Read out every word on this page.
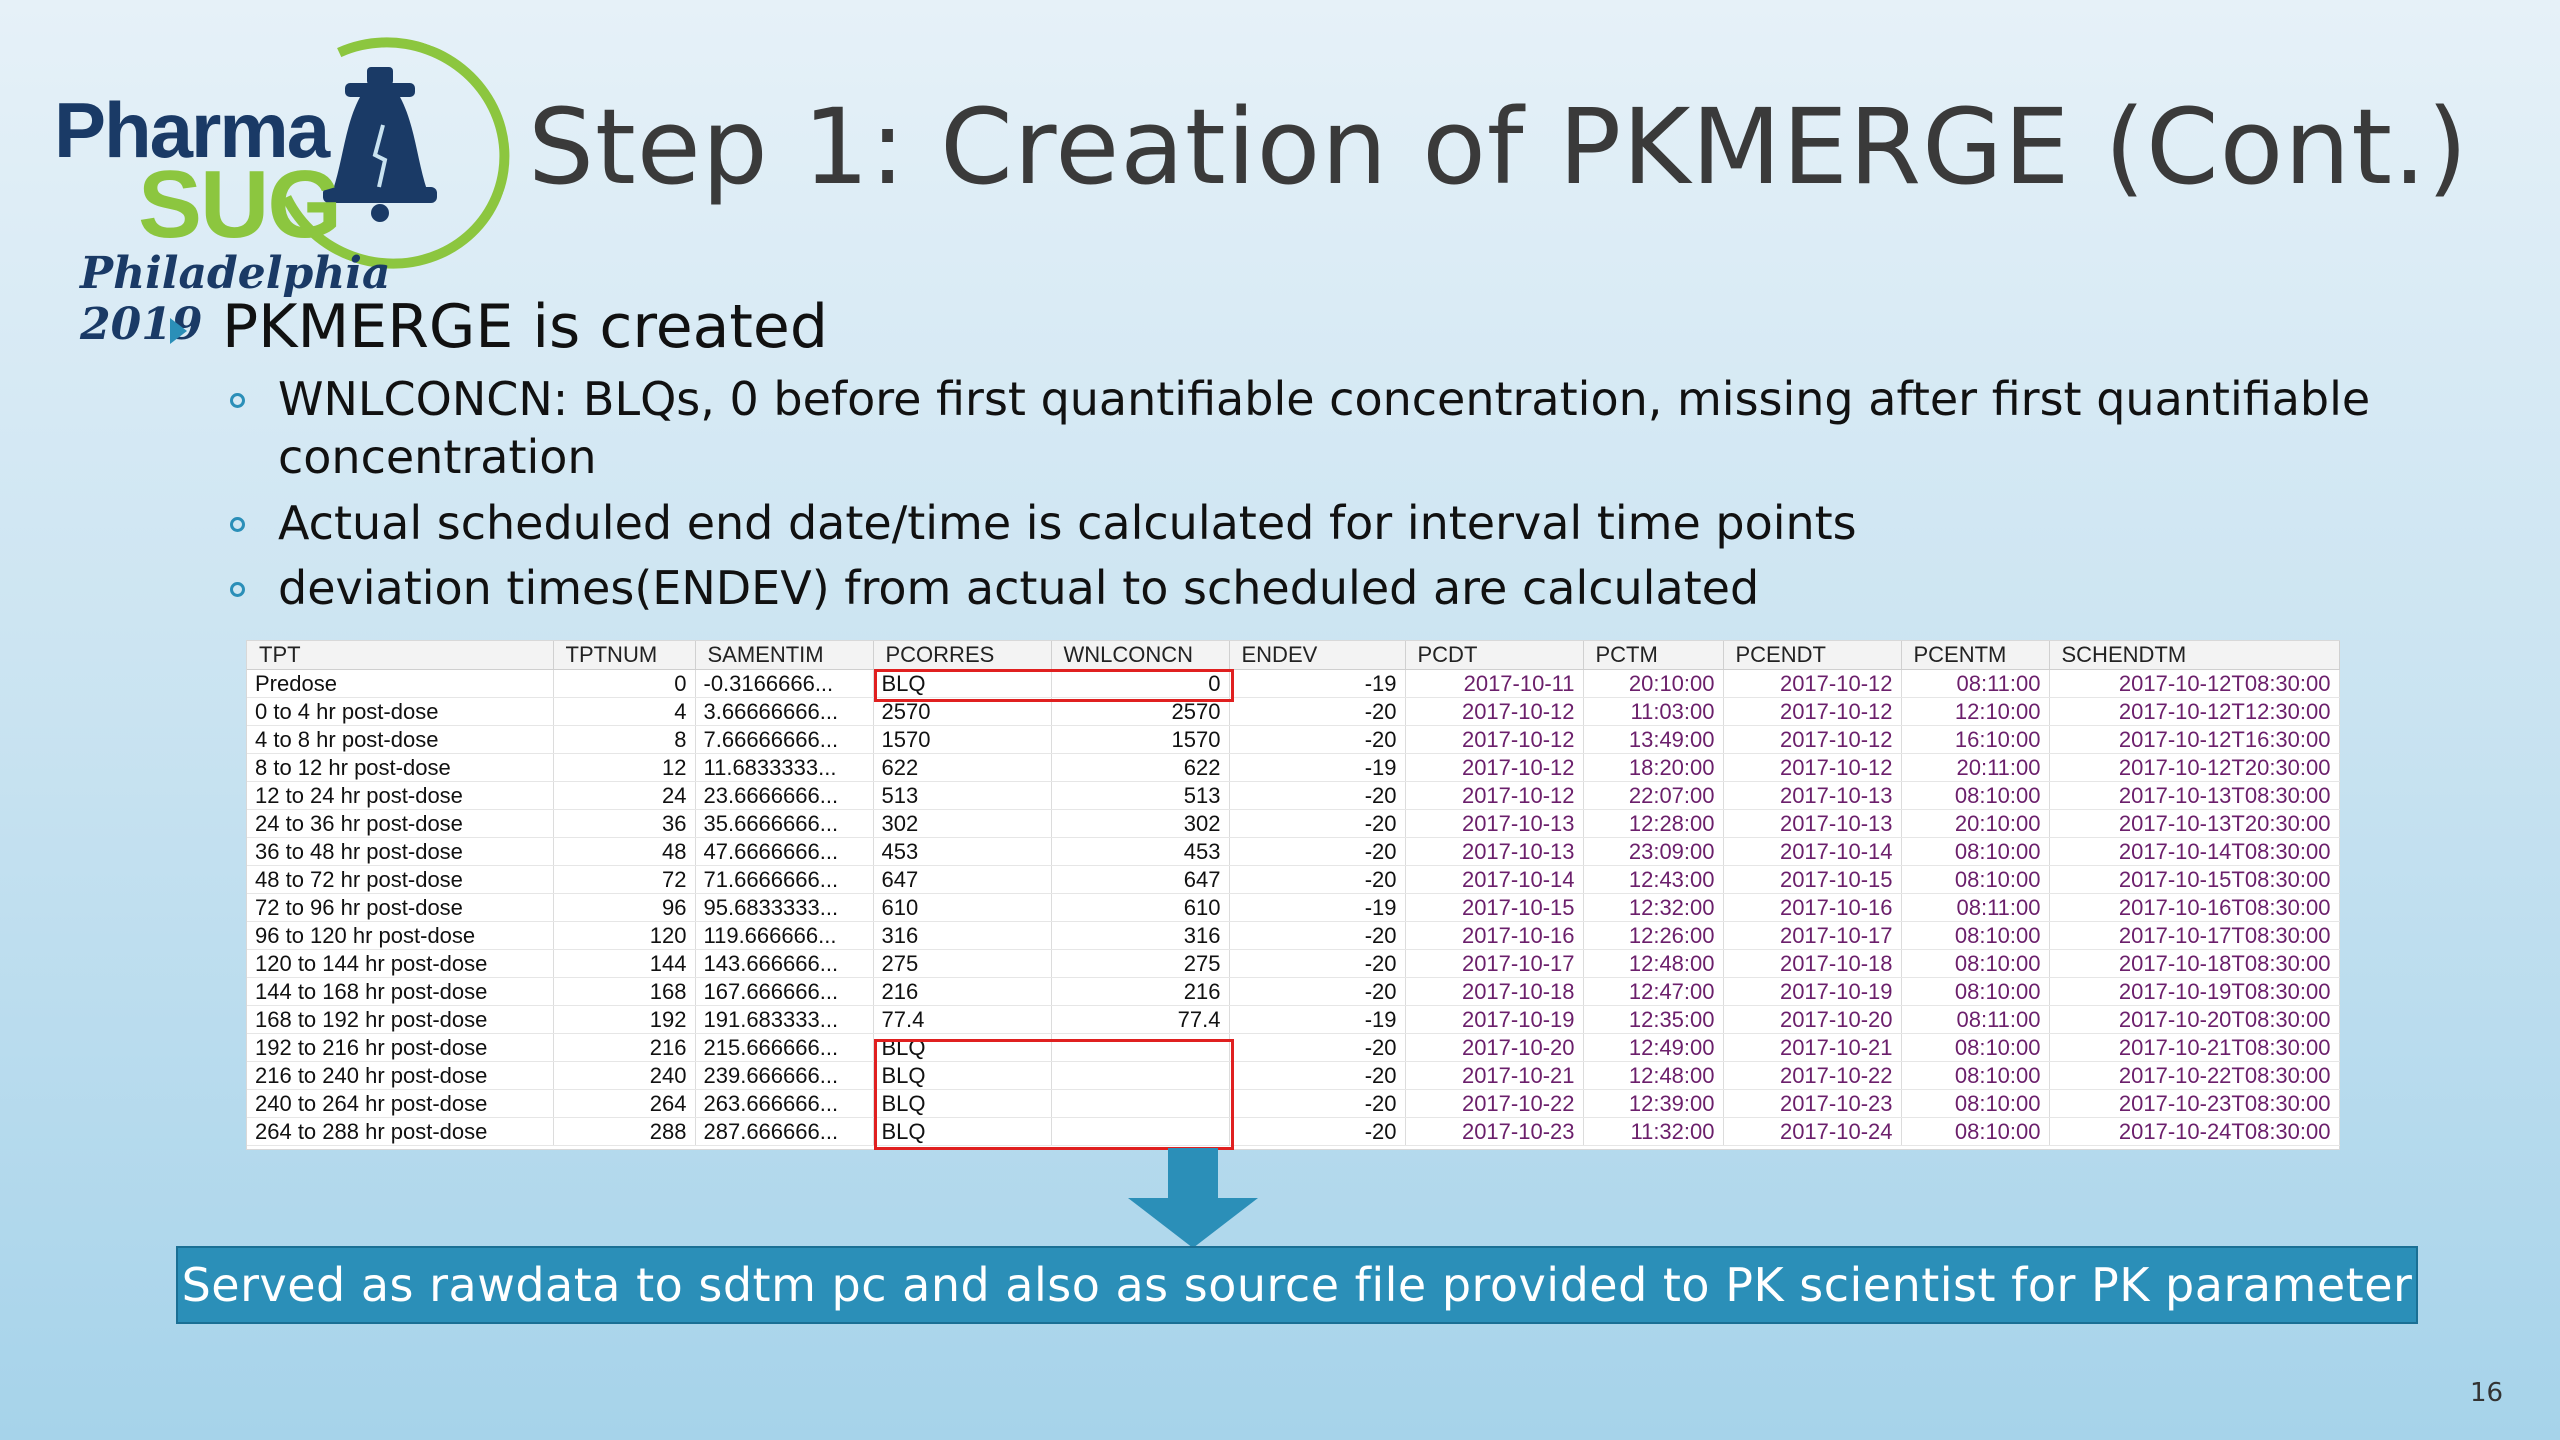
Pharma
SUG
Philadelphia 2019
Step 1: Creation of PKMERGE (Cont.)
PKMERGE is created
WNLCONCN: BLQs, 0 before first quantifiable concentration, missing after first quantifiable concentration
Actual scheduled end date/time is calculated for interval time points
deviation times(ENDEV) from actual to scheduled are calculated
TPT	TPTNUM	SAMENTIM	PCORRES	WNLCONCN	ENDEV	PCDT	PCTM	PCENDT	PCENTM	SCHENDTM
Predose	0	-0.3166666...	BLQ	0	-19	2017-10-11	20:10:00	2017-10-12	08:11:00	2017-10-12T08:30:00
0 to 4 hr post-dose	4	3.66666666...	2570	2570	-20	2017-10-12	11:03:00	2017-10-12	12:10:00	2017-10-12T12:30:00
4 to 8 hr post-dose	8	7.66666666...	1570	1570	-20	2017-10-12	13:49:00	2017-10-12	16:10:00	2017-10-12T16:30:00
8 to 12 hr post-dose	12	11.6833333...	622	622	-19	2017-10-12	18:20:00	2017-10-12	20:11:00	2017-10-12T20:30:00
12 to 24 hr post-dose	24	23.6666666...	513	513	-20	2017-10-12	22:07:00	2017-10-13	08:10:00	2017-10-13T08:30:00
24 to 36 hr post-dose	36	35.6666666...	302	302	-20	2017-10-13	12:28:00	2017-10-13	20:10:00	2017-10-13T20:30:00
36 to 48 hr post-dose	48	47.6666666...	453	453	-20	2017-10-13	23:09:00	2017-10-14	08:10:00	2017-10-14T08:30:00
48 to 72 hr post-dose	72	71.6666666...	647	647	-20	2017-10-14	12:43:00	2017-10-15	08:10:00	2017-10-15T08:30:00
72 to 96 hr post-dose	96	95.6833333...	610	610	-19	2017-10-15	12:32:00	2017-10-16	08:11:00	2017-10-16T08:30:00
96 to 120 hr post-dose	120	119.666666...	316	316	-20	2017-10-16	12:26:00	2017-10-17	08:10:00	2017-10-17T08:30:00
120 to 144 hr post-dose	144	143.666666...	275	275	-20	2017-10-17	12:48:00	2017-10-18	08:10:00	2017-10-18T08:30:00
144 to 168 hr post-dose	168	167.666666...	216	216	-20	2017-10-18	12:47:00	2017-10-19	08:10:00	2017-10-19T08:30:00
168 to 192 hr post-dose	192	191.683333...	77.4	77.4	-19	2017-10-19	12:35:00	2017-10-20	08:11:00	2017-10-20T08:30:00
192 to 216 hr post-dose	216	215.666666...	BLQ		-20	2017-10-20	12:49:00	2017-10-21	08:10:00	2017-10-21T08:30:00
216 to 240 hr post-dose	240	239.666666...	BLQ		-20	2017-10-21	12:48:00	2017-10-22	08:10:00	2017-10-22T08:30:00
240 to 264 hr post-dose	264	263.666666...	BLQ		-20	2017-10-22	12:39:00	2017-10-23	08:10:00	2017-10-23T08:30:00
264 to 288 hr post-dose	288	287.666666...	BLQ		-20	2017-10-23	11:32:00	2017-10-24	08:10:00	2017-10-24T08:30:00
Served as rawdata to sdtm pc and also as source file provided to PK scientist for PK parameter
16
